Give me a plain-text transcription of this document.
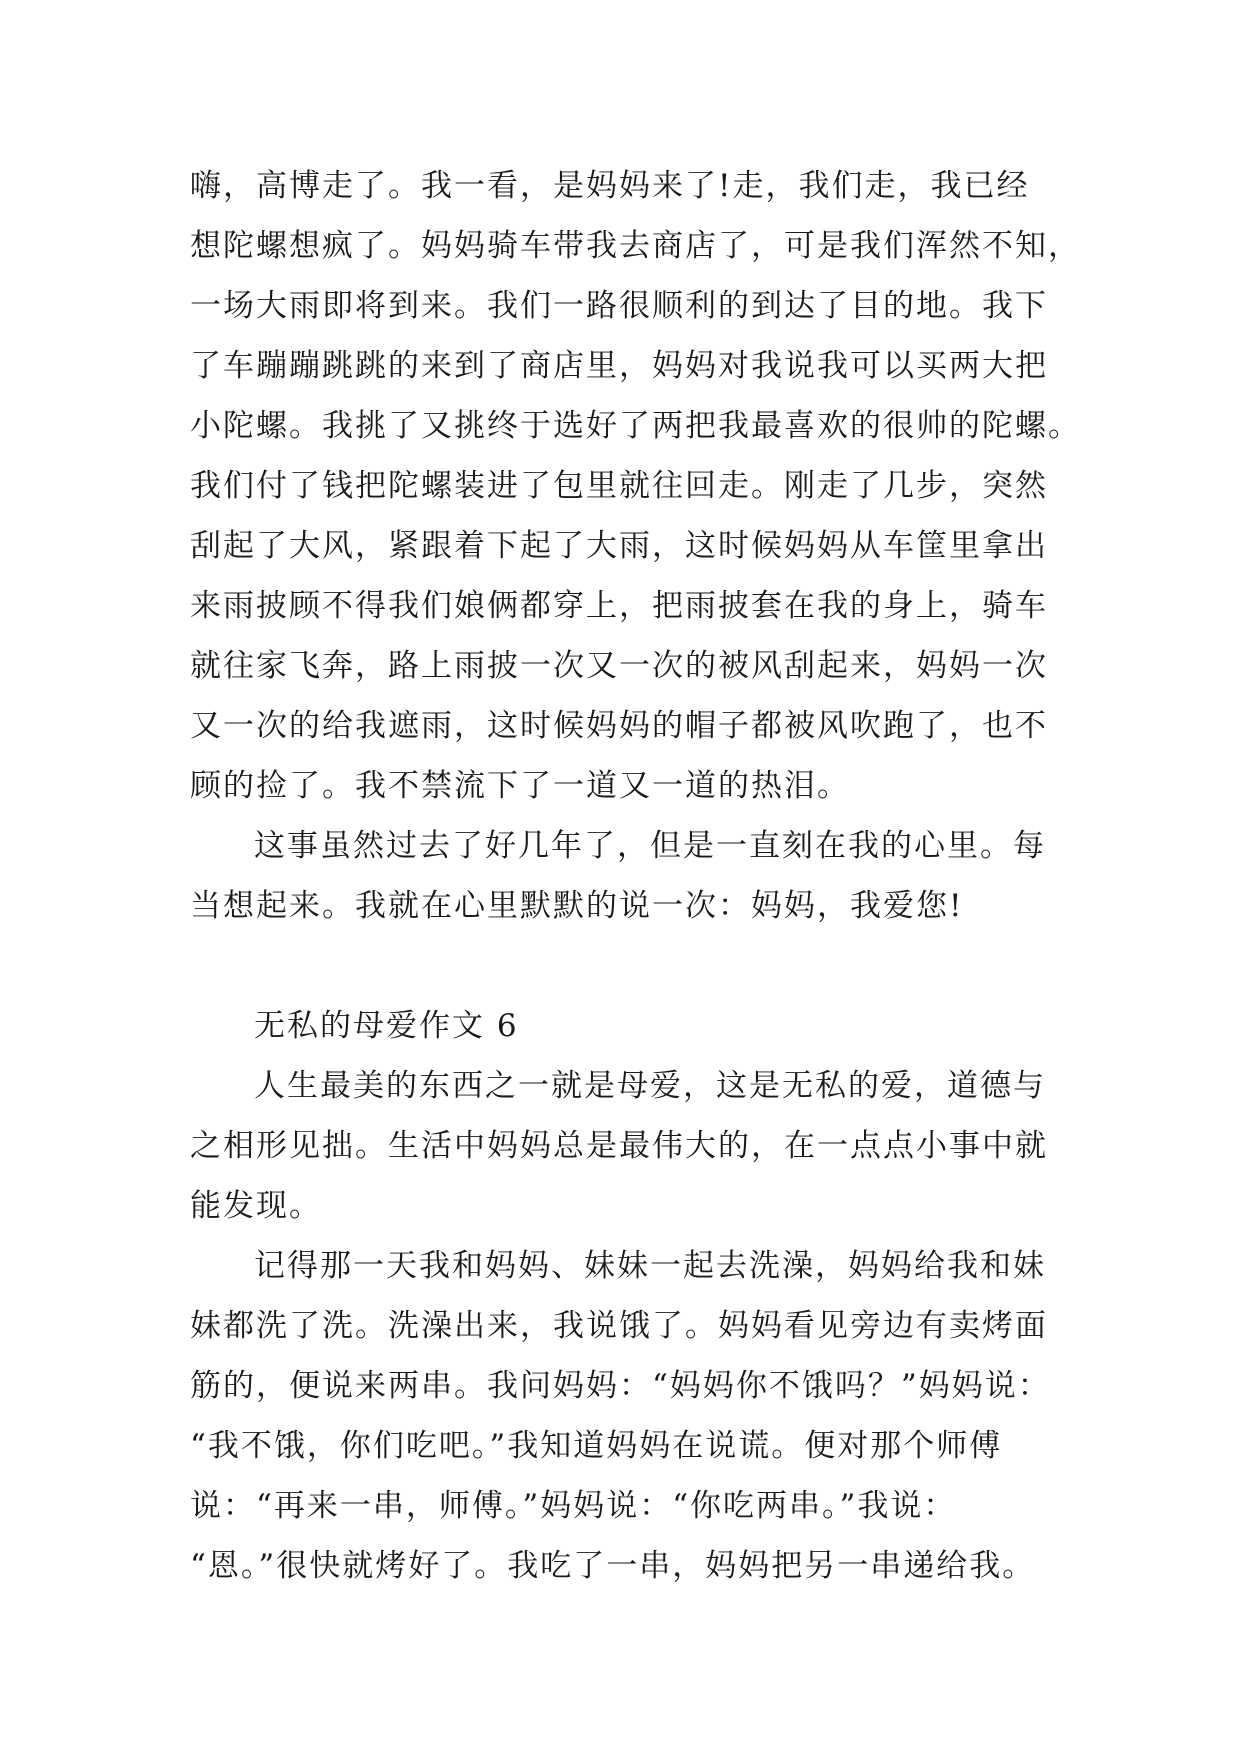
嗨，高博走了。我一看，是妈妈来了!走，我们走，我已经
想陀螺想疯了。妈妈骑车带我去商店了，可是我们浑然不知，
一场大雨即将到来。我们一路很顺利的到达了目的地。我下
了车蹦蹦跳跳的来到了商店里，妈妈对我说我可以买两大把
小陀螺。我挑了又挑终于选好了两把我最喜欢的很帅的陀螺。
我们付了钱把陀螺装进了包里就往回走。刚走了几步，突然
刮起了大风，紧跟着下起了大雨，这时候妈妈从车筐里拿出
来雨披顾不得我们娘俩都穿上，把雨披套在我的身上，骑车
就往家飞奔，路上雨披一次又一次的被风刮起来，妈妈一次
又一次的给我遮雨，这时候妈妈的帽子都被风吹跑了，也不
顾的捡了。我不禁流下了一道又一道的热泪。
这事虽然过去了好几年了，但是一直刻在我的心里。每
当想起来。我就在心里默默的说一次：妈妈，我爱您!
无私的母爱作文 6
人生最美的东西之一就是母爱，这是无私的爱，道德与
之相形见拙。生活中妈妈总是最伟大的，在一点点小事中就
能发现。
记得那一天我和妈妈、妹妹一起去洗澡，妈妈给我和妹
妹都洗了洗。洗澡出来，我说饿了。妈妈看见旁边有卖烤面
筋的，便说来两串。我问妈妈：“妈妈你不饿吗？”妈妈说：
“我不饿，你们吃吧。”我知道妈妈在说谎。便对那个师傅
说：“再来一串，师傅。”妈妈说：“你吃两串。”我说：
“恩。”很快就烤好了。我吃了一串，妈妈把另一串递给我。
